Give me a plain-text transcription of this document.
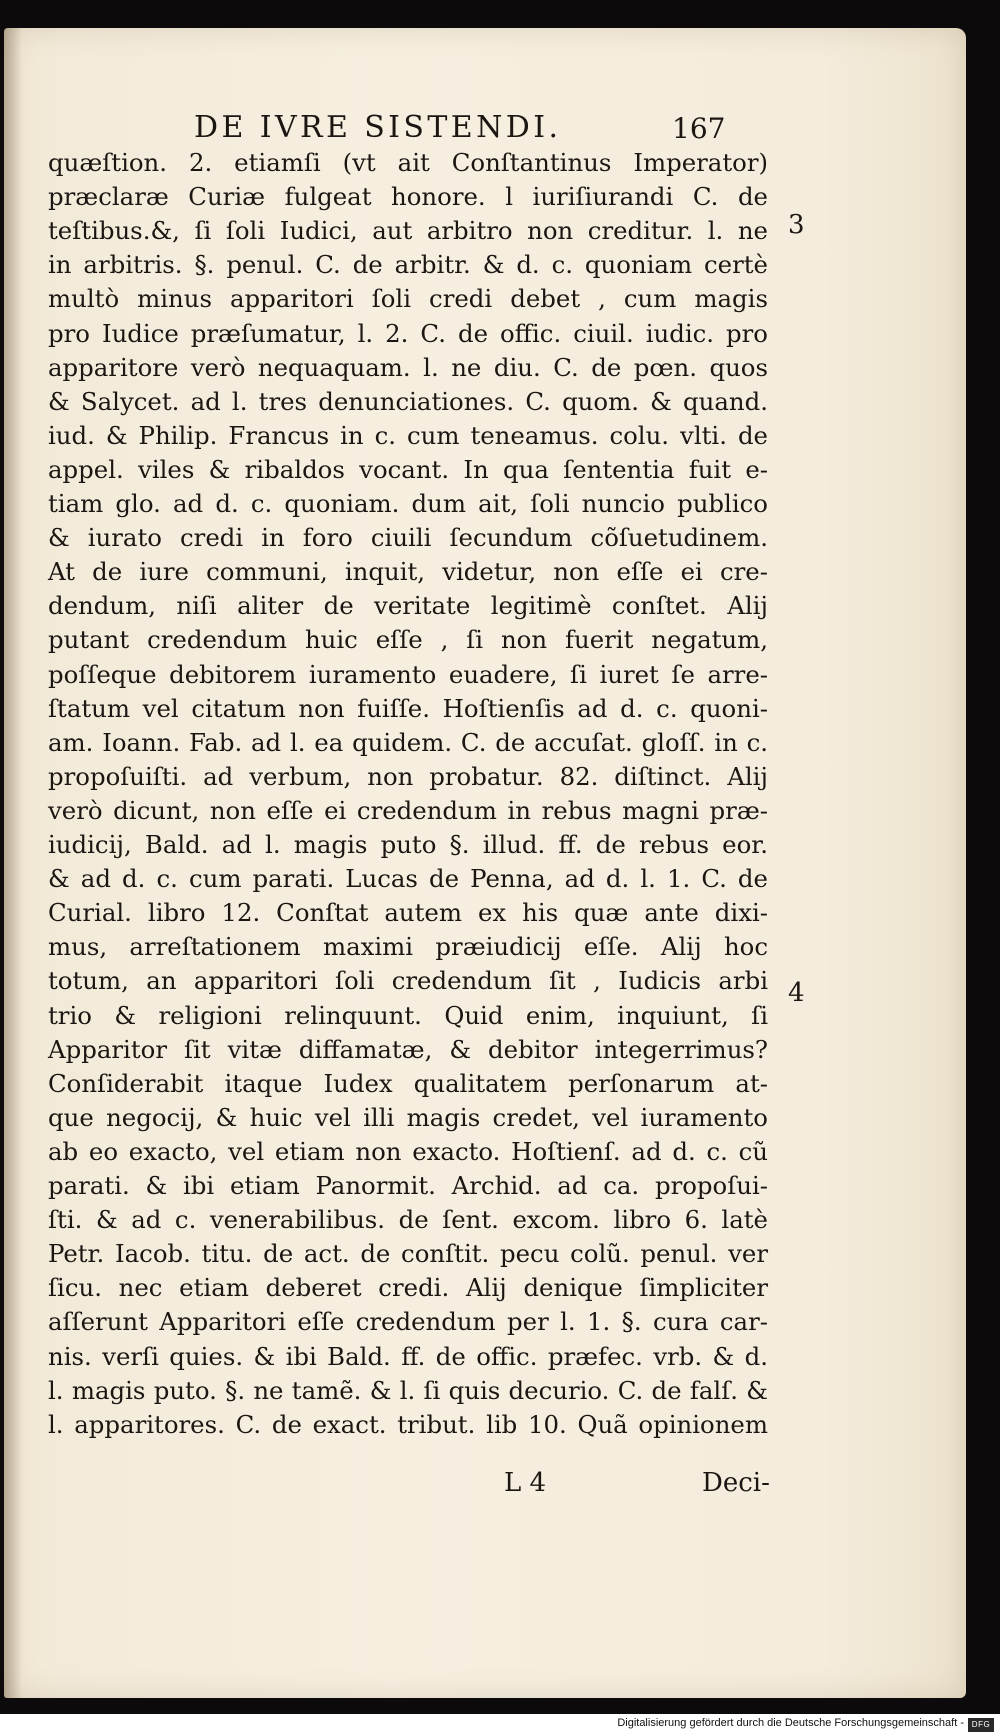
DE IVRE SISTENDI.	167
quæſtion. 2. etiamſi (vt ait Conſtantinus Imperator)
præclaræ Curiæ fulgeat honore. l iuriſiurandi C. de
teſtibus.&, ſi ſoli Iudici, aut arbitro non creditur. l. ne
in arbitris. §. penul. C. de arbitr. & d. c. quoniam certè
multò minus apparitori ſoli credi debet , cum magis
pro Iudice præſumatur, l. 2. C. de offic. ciuil. iudic. pro
apparitore verò nequaquam. l. ne diu. C. de pœn. quos
& Salycet. ad l. tres denunciationes. C. quom. & quand.
iud. & Philip. Francus in c. cum teneamus. colu. vlti. de
appel. viles & ribaldos vocant. In qua ſententia fuit e-
tiam glo. ad d. c. quoniam. dum ait, ſoli nuncio publico
& iurato credi in foro ciuili ſecundum cõſuetudinem.
At de iure communi, inquit, videtur, non eſſe ei cre-
dendum, niſi aliter de veritate legitimè conſtet. Alij
putant credendum huic eſſe , ſi non fuerit negatum,
poſſeque debitorem iuramento euadere, ſi iuret ſe arre-
ſtatum vel citatum non fuiſſe. Hoſtienſis ad d. c. quoni-
am. Ioann. Fab. ad l. ea quidem. C. de accuſat. gloſſ. in c.
propoſuiſti. ad verbum, non probatur. 82. diſtinct. Alij
verò dicunt, non eſſe ei credendum in rebus magni præ-
iudicij, Bald. ad l. magis puto §. illud. ff. de rebus eor.
& ad d. c. cum parati. Lucas de Penna, ad d. l. 1. C. de
Curial. libro 12. Conſtat autem ex his quæ ante dixi-
mus, arreſtationem maximi præiudicij eſſe. Alij hoc
totum, an apparitori ſoli credendum ſit , Iudicis arbi
trio & religioni relinquunt. Quid enim, inquiunt, ſi
Apparitor ſit vitæ diffamatæ, & debitor integerrimus?
Conſiderabit itaque Iudex qualitatem perſonarum at-
que negocij, & huic vel illi magis credet, vel iuramento
ab eo exacto, vel etiam non exacto. Hoſtienſ. ad d. c. cũ
parati. & ibi etiam Panormit. Archid. ad ca. propoſui-
ſti. & ad c. venerabilibus. de ſent. excom. libro 6. latè
Petr. Iacob. titu. de act. de conſtit. pecu colũ. penul. ver
ſicu. nec etiam deberet credi. Alij denique ſimpliciter
aſſerunt Apparitori eſſe credendum per l. 1. §. cura car-
nis. verſi quies. & ibi Bald. ff. de offic. præfec. vrb. & d.
l. magis puto. §. ne tamẽ. & l. ſi quis decurio. C. de falſ. &
l. apparitores. C. de exact. tribut. lib 10. Quã opinionem
3
4
L 4	Deci-
Digitalisierung gefördert durch die Deutsche Forschungsgemeinschaft - DFG
